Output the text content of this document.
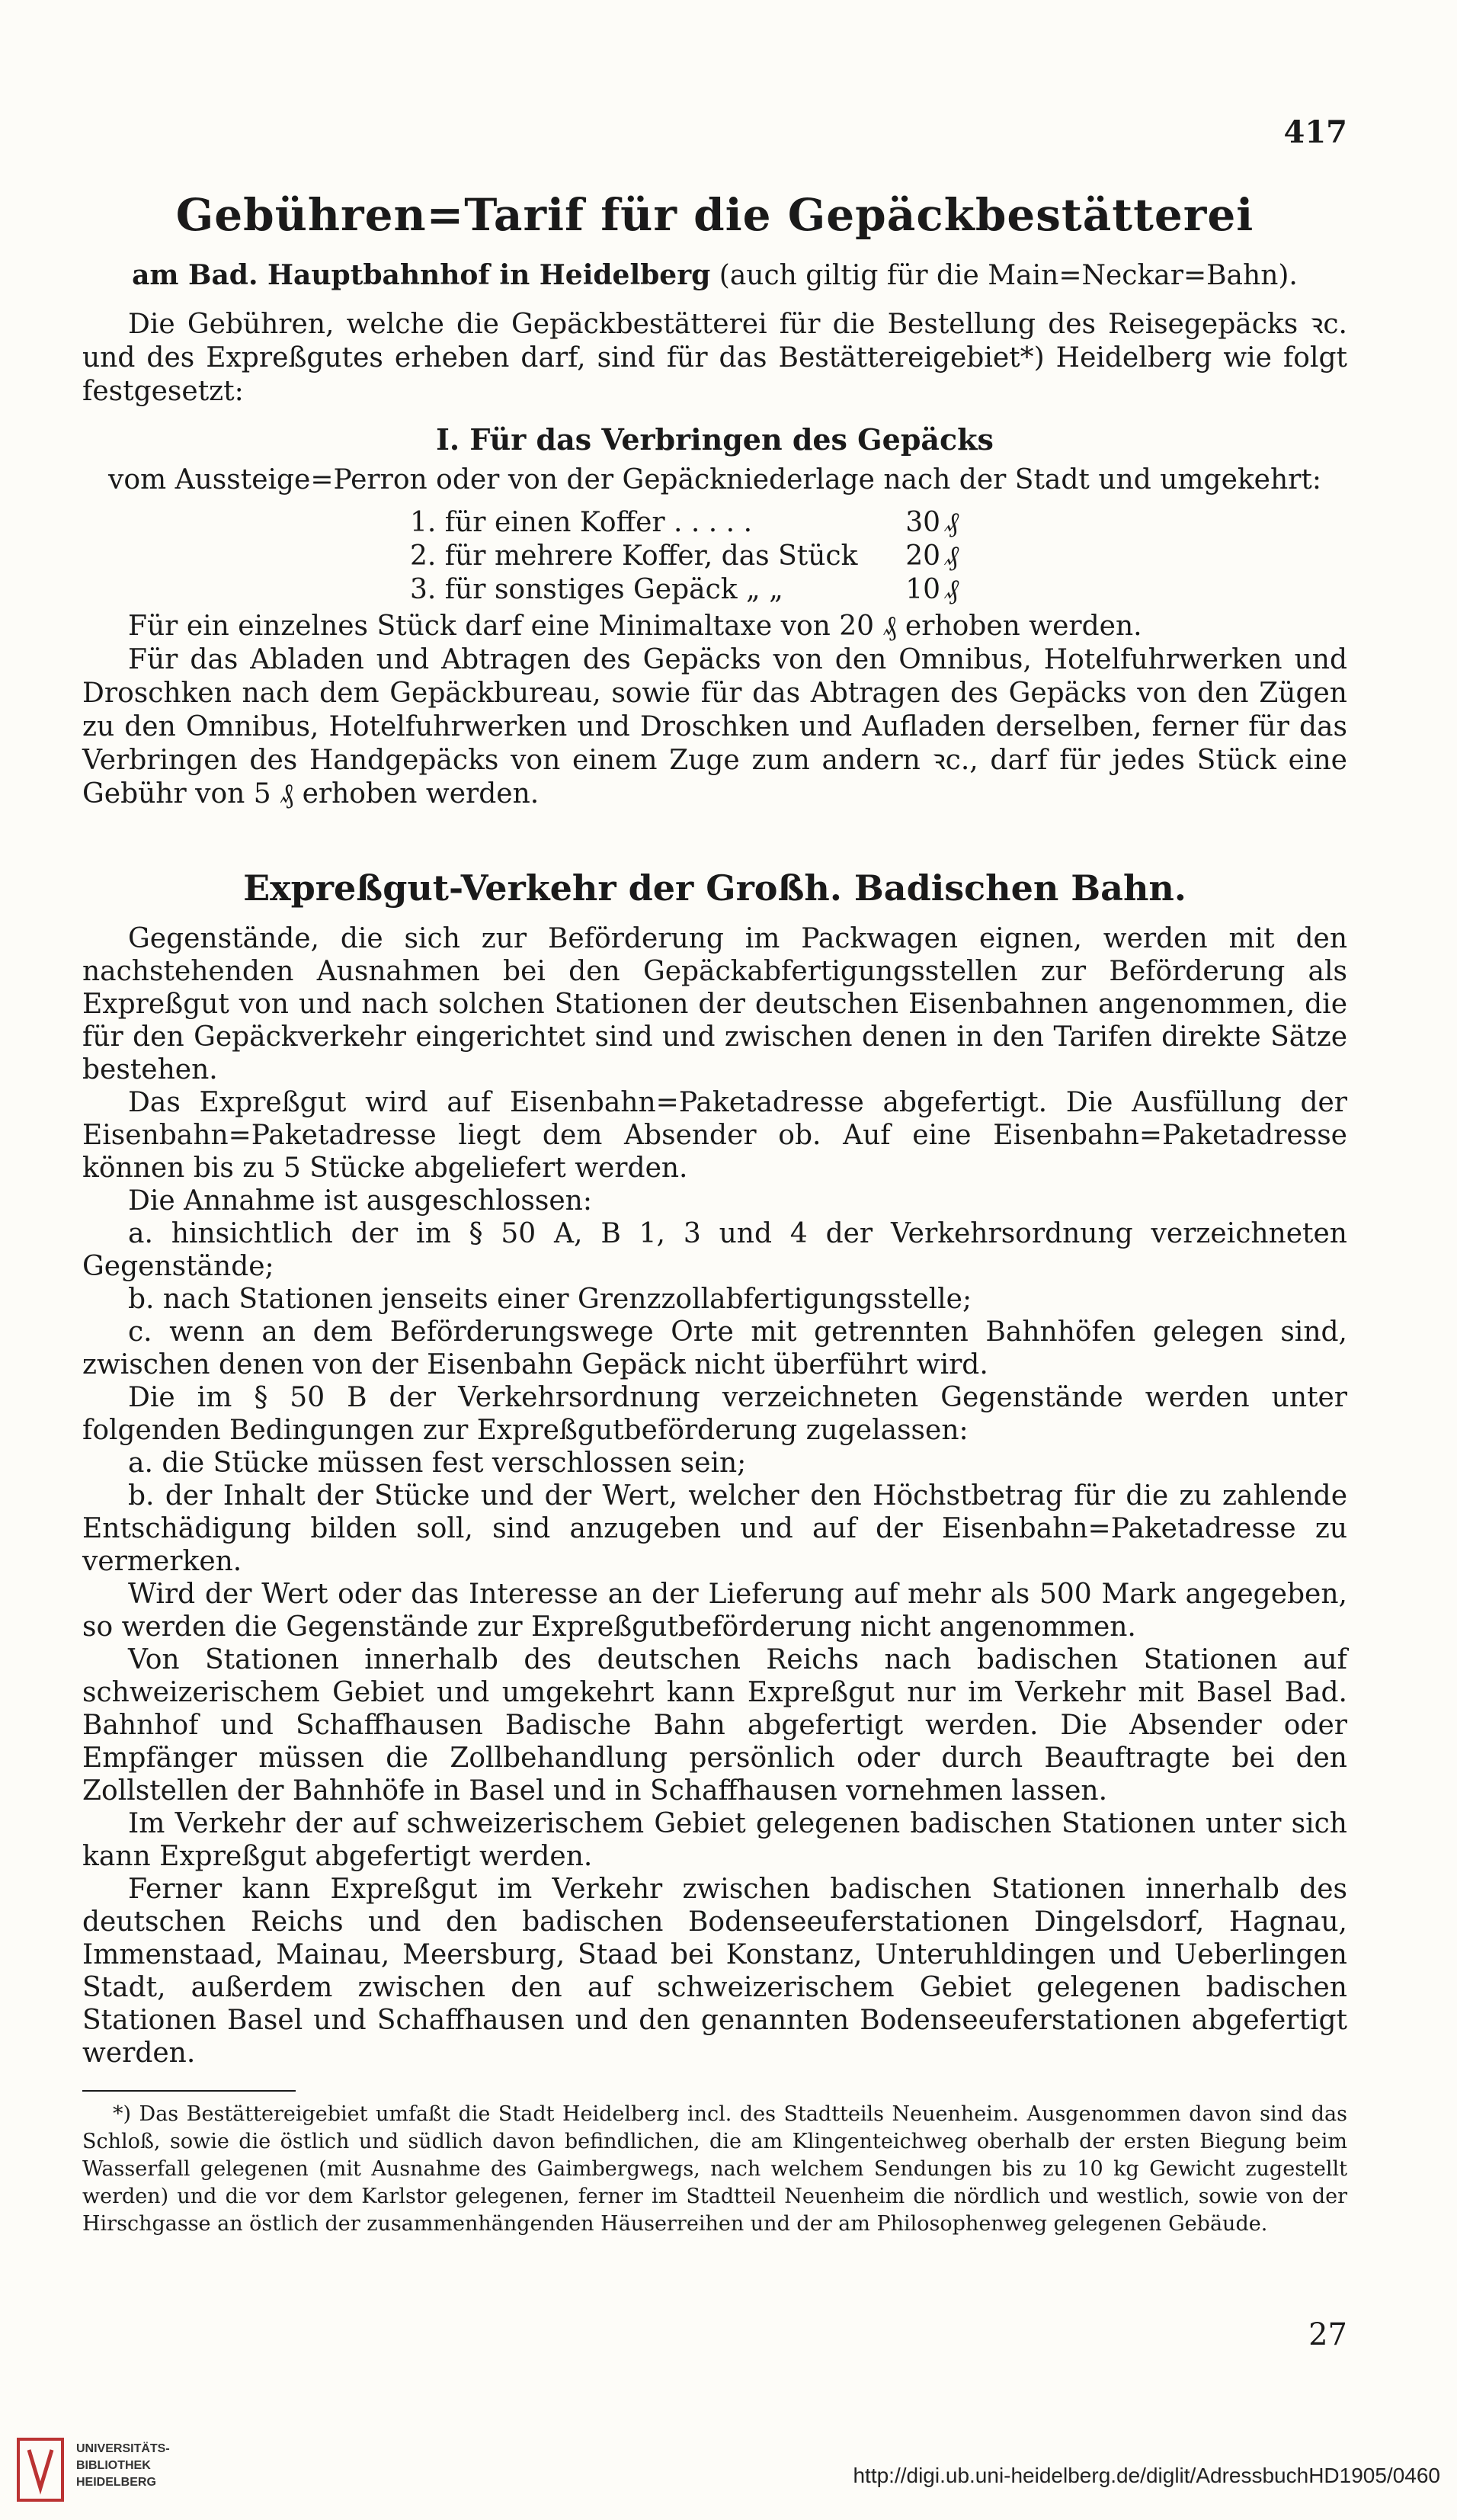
417
Gebühren=Tarif für die Gepäckbestätterei
am Bad. Hauptbahnhof in Heidelberg (auch giltig für die Main=Neckar=Bahn).

Die Gebühren, welche die Gepäckbestätterei für die Bestellung des Reisegepäcks ꝛc. und des Expreßgutes erheben darf, sind für das Bestättereigebiet*) Heidelberg wie folgt festgesetzt:

I. Für das Verbringen des Gepäcks

vom Aussteige=Perron oder von der Gepäckniederlage nach der Stadt und umgekehrt:

1. für einen Koffer . . . . .	30 ₰
2. für mehrere Koffer, das Stück	20 ₰
3. für sonstiges Gepäck „ „	10 ₰

Für ein einzelnes Stück darf eine Minimaltaxe von 20 ₰ erhoben werden.

Für das Abladen und Abtragen des Gepäcks von den Omnibus, Hotelfuhrwerken und Droschken nach dem Gepäckbureau, sowie für das Abtragen des Gepäcks von den Zügen zu den Omnibus, Hotelfuhrwerken und Droschken und Aufladen derselben, ferner für das Verbringen des Handgepäcks von einem Zuge zum andern ꝛc., darf für jedes Stück eine Gebühr von 5 ₰ erhoben werden.

Expreßgut-Verkehr der Großh. Badischen Bahn.

Gegenstände, die sich zur Beförderung im Packwagen eignen, werden mit den nachstehenden Ausnahmen bei den Gepäckabfertigungsstellen zur Beförderung als Expreßgut von und nach solchen Stationen der deutschen Eisenbahnen angenommen, die für den Gepäckverkehr eingerichtet sind und zwischen denen in den Tarifen direkte Sätze bestehen.

Das Expreßgut wird auf Eisenbahn=Paketadresse abgefertigt. Die Ausfüllung der Eisenbahn=Paketadresse liegt dem Absender ob. Auf eine Eisenbahn=Paketadresse können bis zu 5 Stücke abgeliefert werden.

Die Annahme ist ausgeschlossen:

a. hinsichtlich der im § 50 A, B 1, 3 und 4 der Verkehrsordnung verzeichneten Gegenstände;

b. nach Stationen jenseits einer Grenzzollabfertigungsstelle;

c. wenn an dem Beförderungswege Orte mit getrennten Bahnhöfen gelegen sind, zwischen denen von der Eisenbahn Gepäck nicht überführt wird.

Die im § 50 B der Verkehrsordnung verzeichneten Gegenstände werden unter folgenden Bedingungen zur Expreßgutbeförderung zugelassen:

a. die Stücke müssen fest verschlossen sein;

b. der Inhalt der Stücke und der Wert, welcher den Höchstbetrag für die zu zahlende Entschädigung bilden soll, sind anzugeben und auf der Eisenbahn=Paketadresse zu vermerken.

Wird der Wert oder das Interesse an der Lieferung auf mehr als 500 Mark angegeben, so werden die Gegenstände zur Expreßgutbeförderung nicht angenommen.

Von Stationen innerhalb des deutschen Reichs nach badischen Stationen auf schweizerischem Gebiet und umgekehrt kann Expreßgut nur im Verkehr mit Basel Bad. Bahnhof und Schaffhausen Badische Bahn abgefertigt werden. Die Absender oder Empfänger müssen die Zollbehandlung persönlich oder durch Beauftragte bei den Zollstellen der Bahnhöfe in Basel und in Schaffhausen vornehmen lassen.

Im Verkehr der auf schweizerischem Gebiet gelegenen badischen Stationen unter sich kann Expreßgut abgefertigt werden.

Ferner kann Expreßgut im Verkehr zwischen badischen Stationen innerhalb des deutschen Reichs und den badischen Bodenseeuferstationen Dingelsdorf, Hagnau, Immenstaad, Mainau, Meersburg, Staad bei Konstanz, Unteruhldingen und Ueberlingen Stadt, außerdem zwischen den auf schweizerischem Gebiet gelegenen badischen Stationen Basel und Schaffhausen und den genannten Bodenseeuferstationen abgefertigt werden.

*) Das Bestättereigebiet umfaßt die Stadt Heidelberg incl. des Stadtteils Neuenheim. Ausgenommen davon sind das Schloß, sowie die östlich und südlich davon befindlichen, die am Klingenteichweg oberhalb der ersten Biegung beim Wasserfall gelegenen (mit Ausnahme des Gaimbergwegs, nach welchem Sendungen bis zu 10 kg Gewicht zugestellt werden) und die vor dem Karlstor gelegenen, ferner im Stadtteil Neuenheim die nördlich und westlich, sowie von der Hirschgasse an östlich der zusammenhängenden Häuserreihen und der am Philosophenweg gelegenen Gebäude.

27
UNIVERSITÄTS-
BIBLIOTHEK
HEIDELBERG	http://digi.ub.uni-heidelberg.de/diglit/AdressbuchHD1905/0460
